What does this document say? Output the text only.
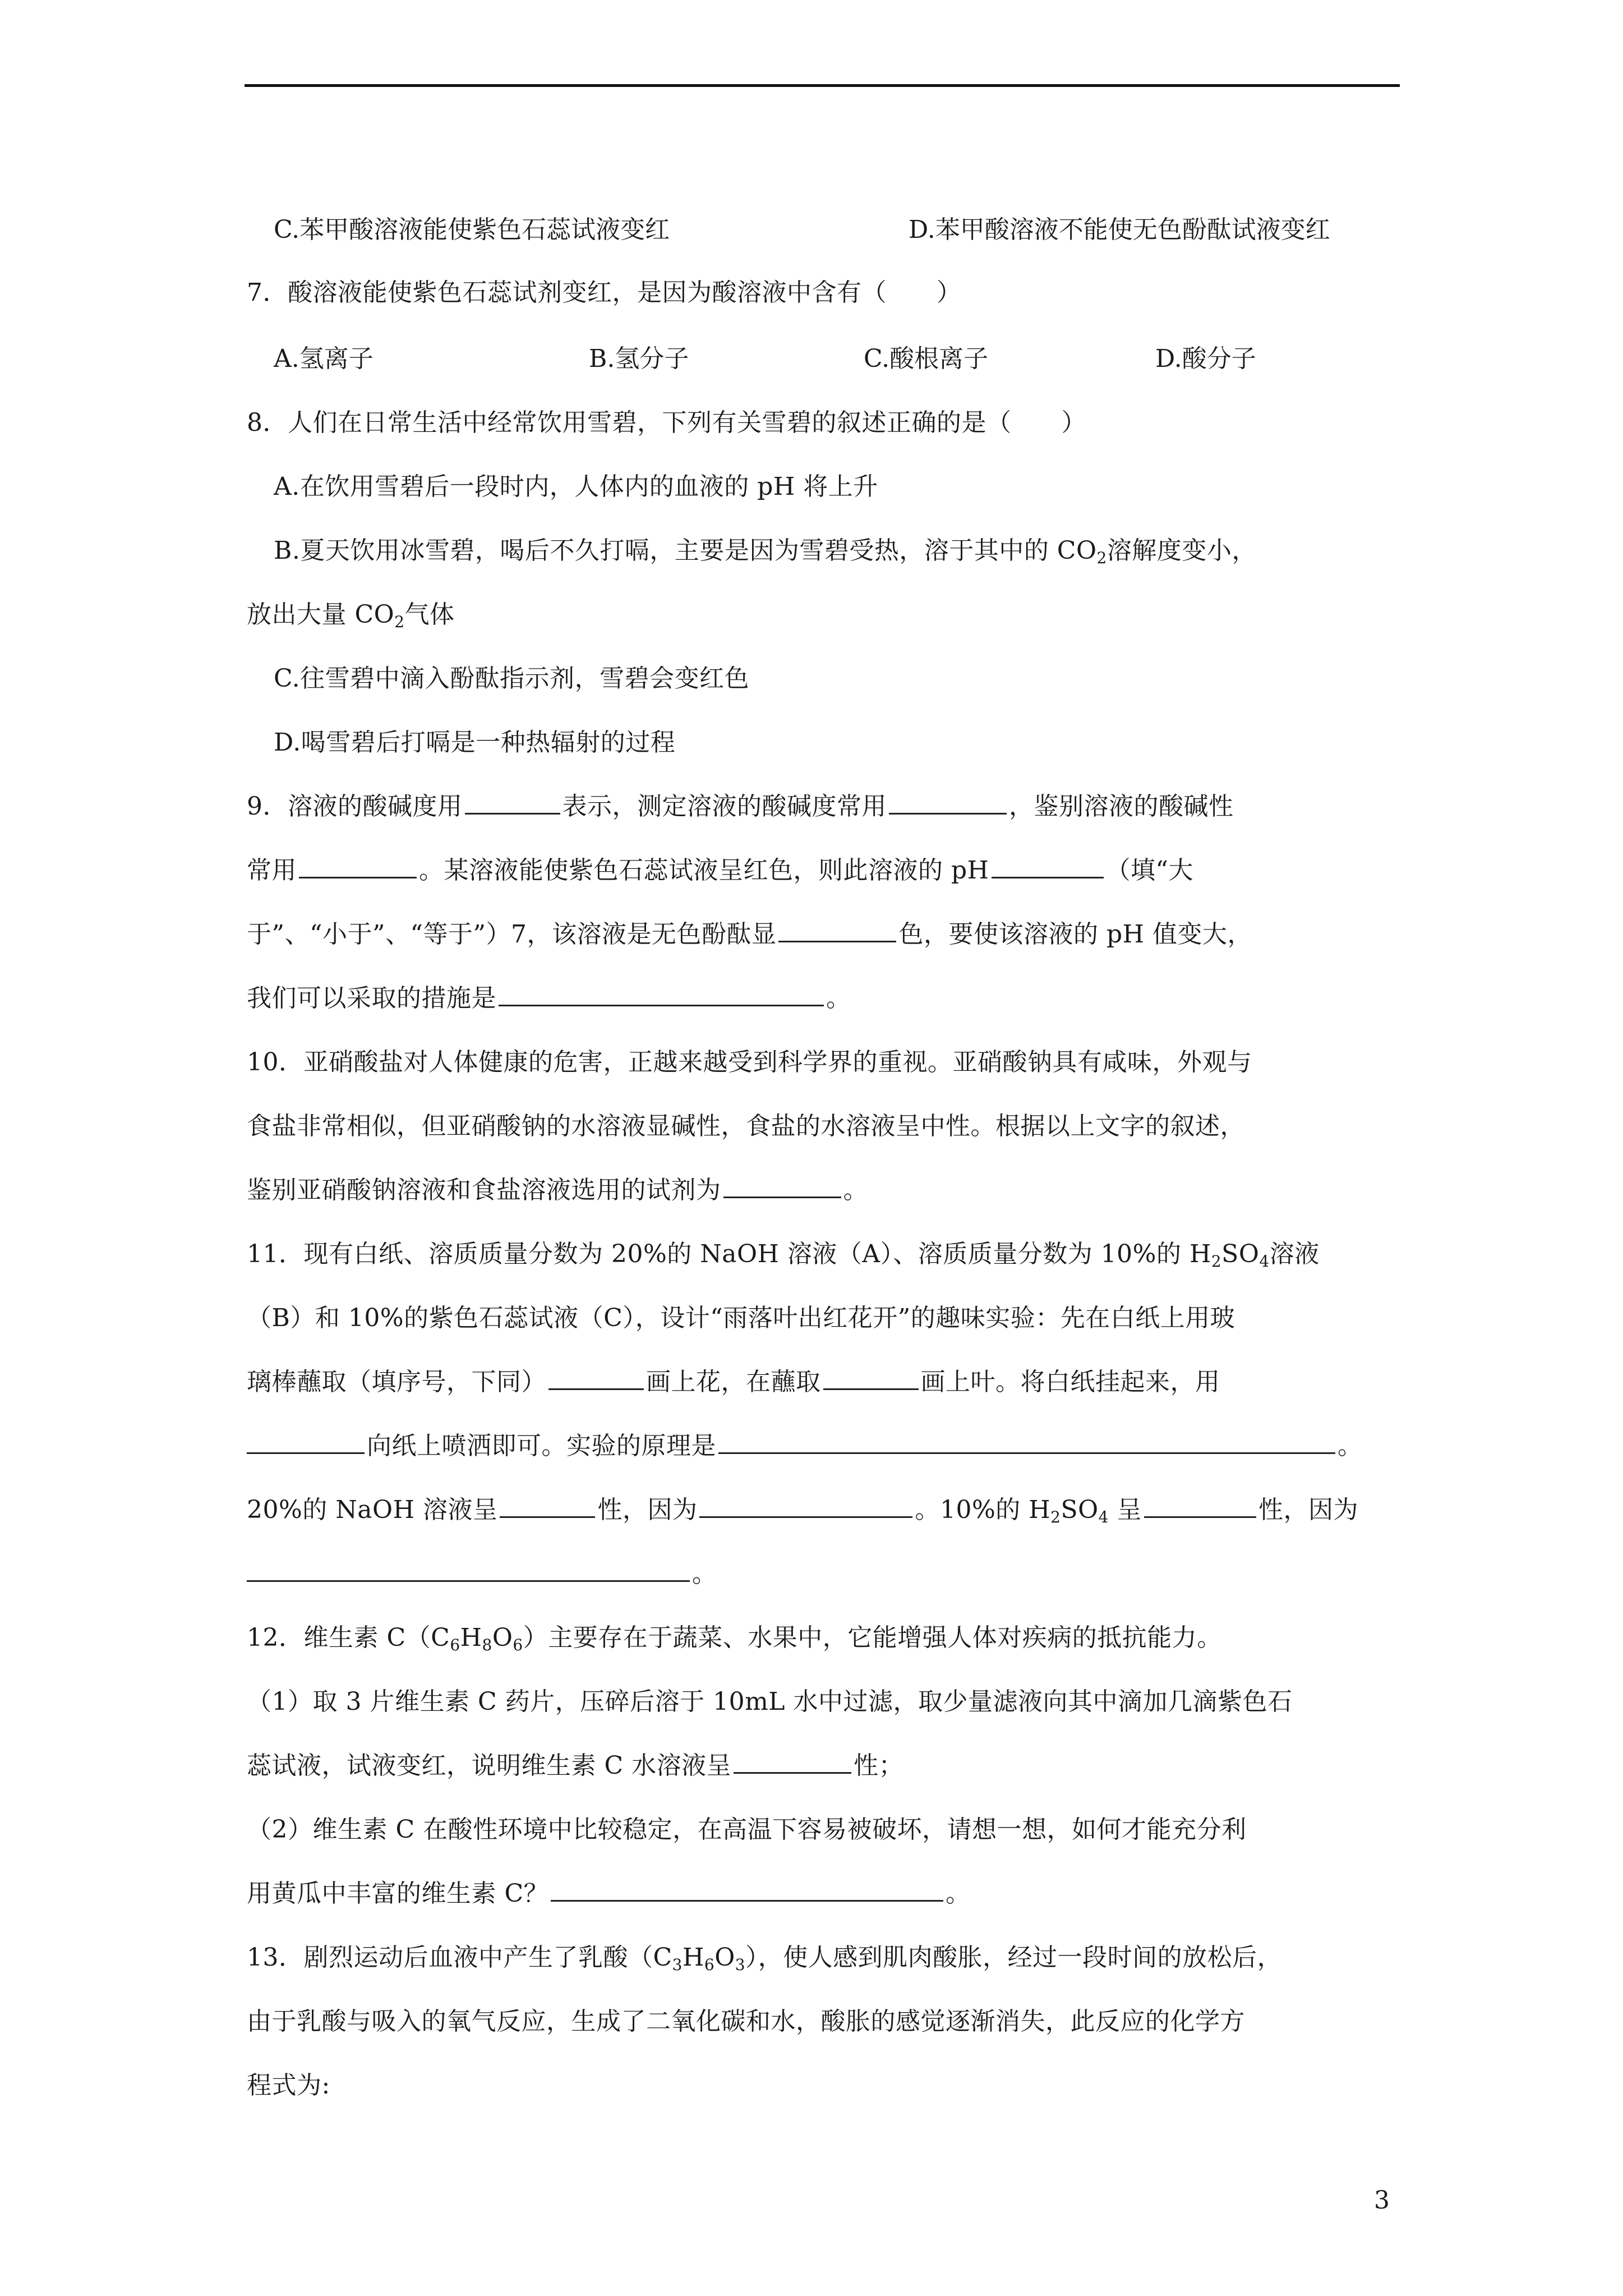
C.苯甲酸溶液能使紫色石蕊试液变红	D.苯甲酸溶液不能使无色酚酞试液变红
7．酸溶液能使紫色石蕊试剂变红，是因为酸溶液中含有（　　）
A.氢离子	B.氢分子	C.酸根离子	D.酸分子
8．人们在日常生活中经常饮用雪碧，下列有关雪碧的叙述正确的是（　　）
A.在饮用雪碧后一段时内，人体内的血液的 pH 将上升
B.夏天饮用冰雪碧，喝后不久打嗝，主要是因为雪碧受热，溶于其中的 $CO_2$溶解度变小，
放出大量 $CO_2$气体
C.往雪碧中滴入酚酞指示剂，雪碧会变红色
D.喝雪碧后打嗝是一种热辐射的过程
9．溶液的酸碱度用	表示，测定溶液的酸碱度常用	，鉴别溶液的酸碱性
常用	。某溶液能使紫色石蕊试液呈红色，则此溶液的 pH	（填“大
于”、“小于”、“等于”）7，该溶液是无色酚酞显	色，要使该溶液的 pH 值变大，
我们可以采取的措施是	。
10．亚硝酸盐对人体健康的危害，正越来越受到科学界的重视。亚硝酸钠具有咸味，外观与
食盐非常相似，但亚硝酸钠的水溶液显碱性，食盐的水溶液呈中性。根据以上文字的叙述，
鉴别亚硝酸钠溶液和食盐溶液选用的试剂为	。
11．现有白纸、溶质质量分数为 20%的 NaOH 溶液（A）、溶质质量分数为 10%的 $H_2SO_4$溶液
（B）和 10%的紫色石蕊试液（C），设计“雨落叶出红花开”的趣味实验：先在白纸上用玻
璃棒蘸取（填序号，下同）	画上花，在蘸取	画上叶。将白纸挂起来，用
向纸上喷洒即可。实验的原理是	。
20%的 NaOH 溶液呈	性，因为	。10%的 $H_2SO_4$ 呈	性，因为
。
12．维生素 $C(C_6H_8O_6)$主要存在于蔬菜、水果中，它能增强人体对疾病的抵抗能力。
（1）取 3 片维生素 C 药片，压碎后溶于 10mL 水中过滤，取少量滤液向其中滴加几滴紫色石
蕊试液，试液变红，说明维生素 C 水溶液呈	性；
（2）维生素 C 在酸性环境中比较稳定，在高温下容易被破坏，请想一想，如何才能充分利
用黄瓜中丰富的维生素 C？	。
13．剧烈运动后血液中产生了乳酸$(C_3H_6O_3)$，使人感到肌肉酸胀，经过一段时间的放松后，
由于乳酸与吸入的氧气反应，生成了二氧化碳和水，酸胀的感觉逐渐消失，此反应的化学方
程式为:
3
